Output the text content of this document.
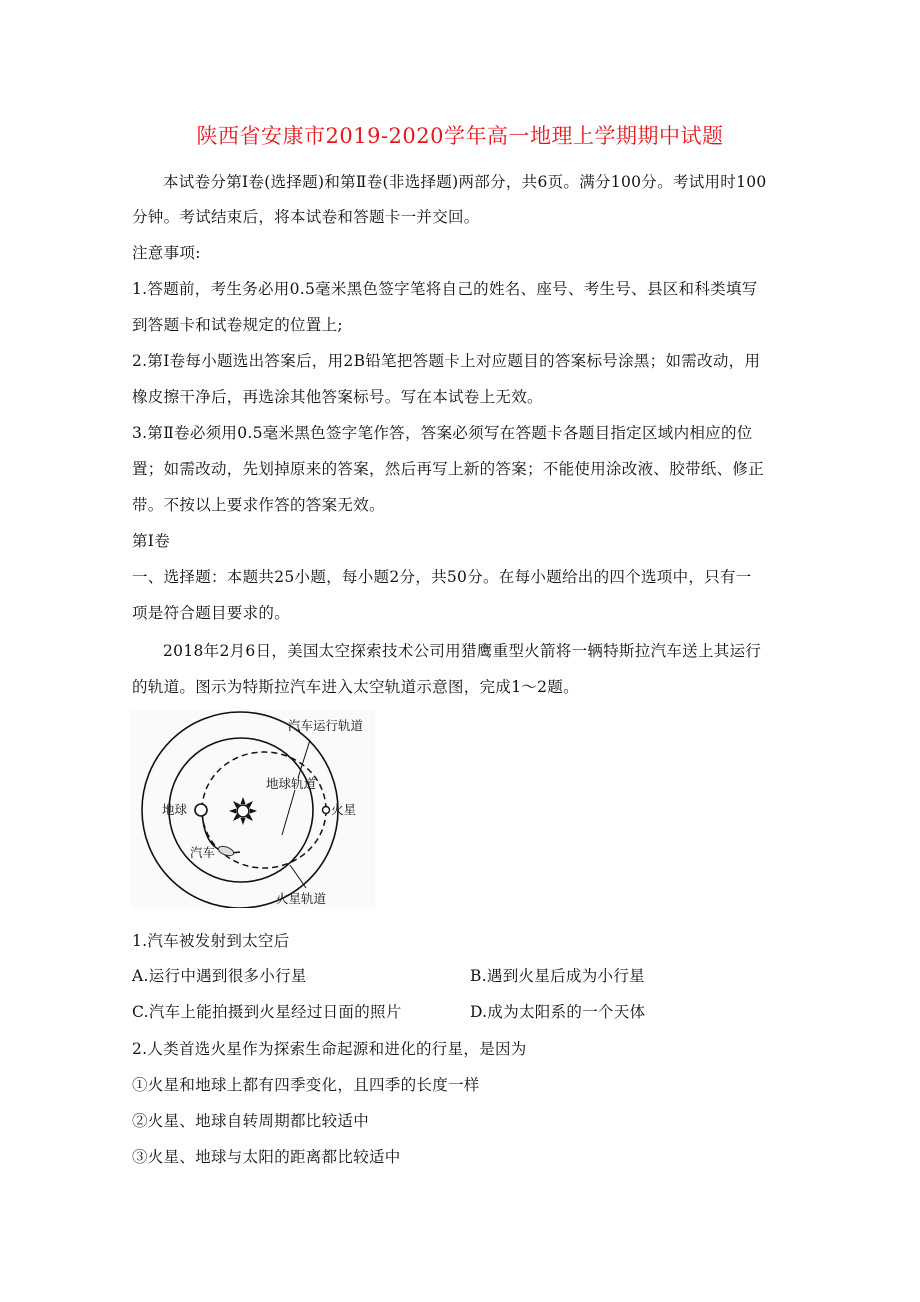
陕西省安康市2019-2020学年高一地理上学期期中试题
本试卷分第Ⅰ卷(选择题)和第Ⅱ卷(非选择题)两部分，共6页。满分100分。考试用时100
分钟。考试结束后，将本试卷和答题卡一并交回。
注意事项:
1.答题前，考生务必用0.5毫米黑色签字笔将自己的姓名、座号、考生号、县区和科类填写
到答题卡和试卷规定的位置上;
2.第Ⅰ卷每小题选出答案后，用2B铅笔把答题卡上对应题目的答案标号涂黑；如需改动，用
橡皮擦干净后，再选涂其他答案标号。写在本试卷上无效。
3.第Ⅱ卷必须用0.5毫米黑色签字笔作答，答案必须写在答题卡各题目指定区域内相应的位
置；如需改动，先划掉原来的答案，然后再写上新的答案；不能使用涂改液、胶带纸、修正
带。不按以上要求作答的答案无效。
第Ⅰ卷
一、选择题：本题共25小题，每小题2分，共50分。在每小题给出的四个选项中，只有一
项是符合题目要求的。
2018年2月6日，美国太空探索技术公司用猎鹰重型火箭将一辆特斯拉汽车送上其运行
的轨道。图示为特斯拉汽车进入太空轨道示意图，完成1～2题。
汽车运行轨道
地球轨道
地球	火星
汽车
火星轨道
1.汽车被发射到太空后
A.运行中遇到很多小行星	B.遇到火星后成为小行星
C.汽车上能拍摄到火星经过日面的照片	D.成为太阳系的一个天体
2.人类首选火星作为探索生命起源和进化的行星，是因为
①火星和地球上都有四季变化，且四季的长度一样
②火星、地球自转周期都比较适中
③火星、地球与太阳的距离都比较适中
